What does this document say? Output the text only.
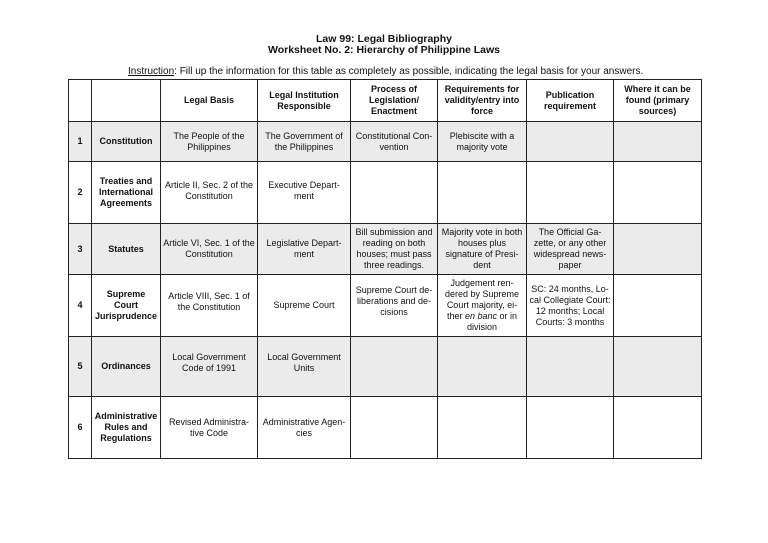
Law 99: Legal Bibliography
Worksheet No. 2: Hierarchy of Philippine Laws
Instruction: Fill up the information for this table as completely as possible, indicating the legal basis for your answers.
		Legal Basis	Legal Institution Responsible	Process of Legislation/ Enactment	Requirements for validity/entry into force	Publication requirement	Where it can be found (primary sources)
1	Constitution	The People of the Philippines	The Government of the Philippines	Constitutional Con-vention	Plebiscite with a majority vote		
2	Treaties and International Agreements	Article II, Sec. 2 of the Constitution	Executive Depart-ment				
3	Statutes	Article VI, Sec. 1 of the Constitution	Legislative Depart-ment	Bill submission and reading on both houses; must pass three readings.	Majority vote in both houses plus signature of Presi-dent	The Official Ga-zette, or any other widespread news-paper	
4	Supreme Court Jurisprudence	Article VIII, Sec. 1 of the Constitution	Supreme Court	Supreme Court de-liberations and de-cisions	Judgement ren-dered by Supreme Court majority, ei-ther en banc or in division	SC: 24 months, Lo-cal Collegiate Court: 12 months; Local Courts: 3 months	
5	Ordinances	Local Government Code of 1991	Local Government Units				
6	Administrative Rules and Regulations	Revised Administra-tive Code	Administrative Agen-cies				
